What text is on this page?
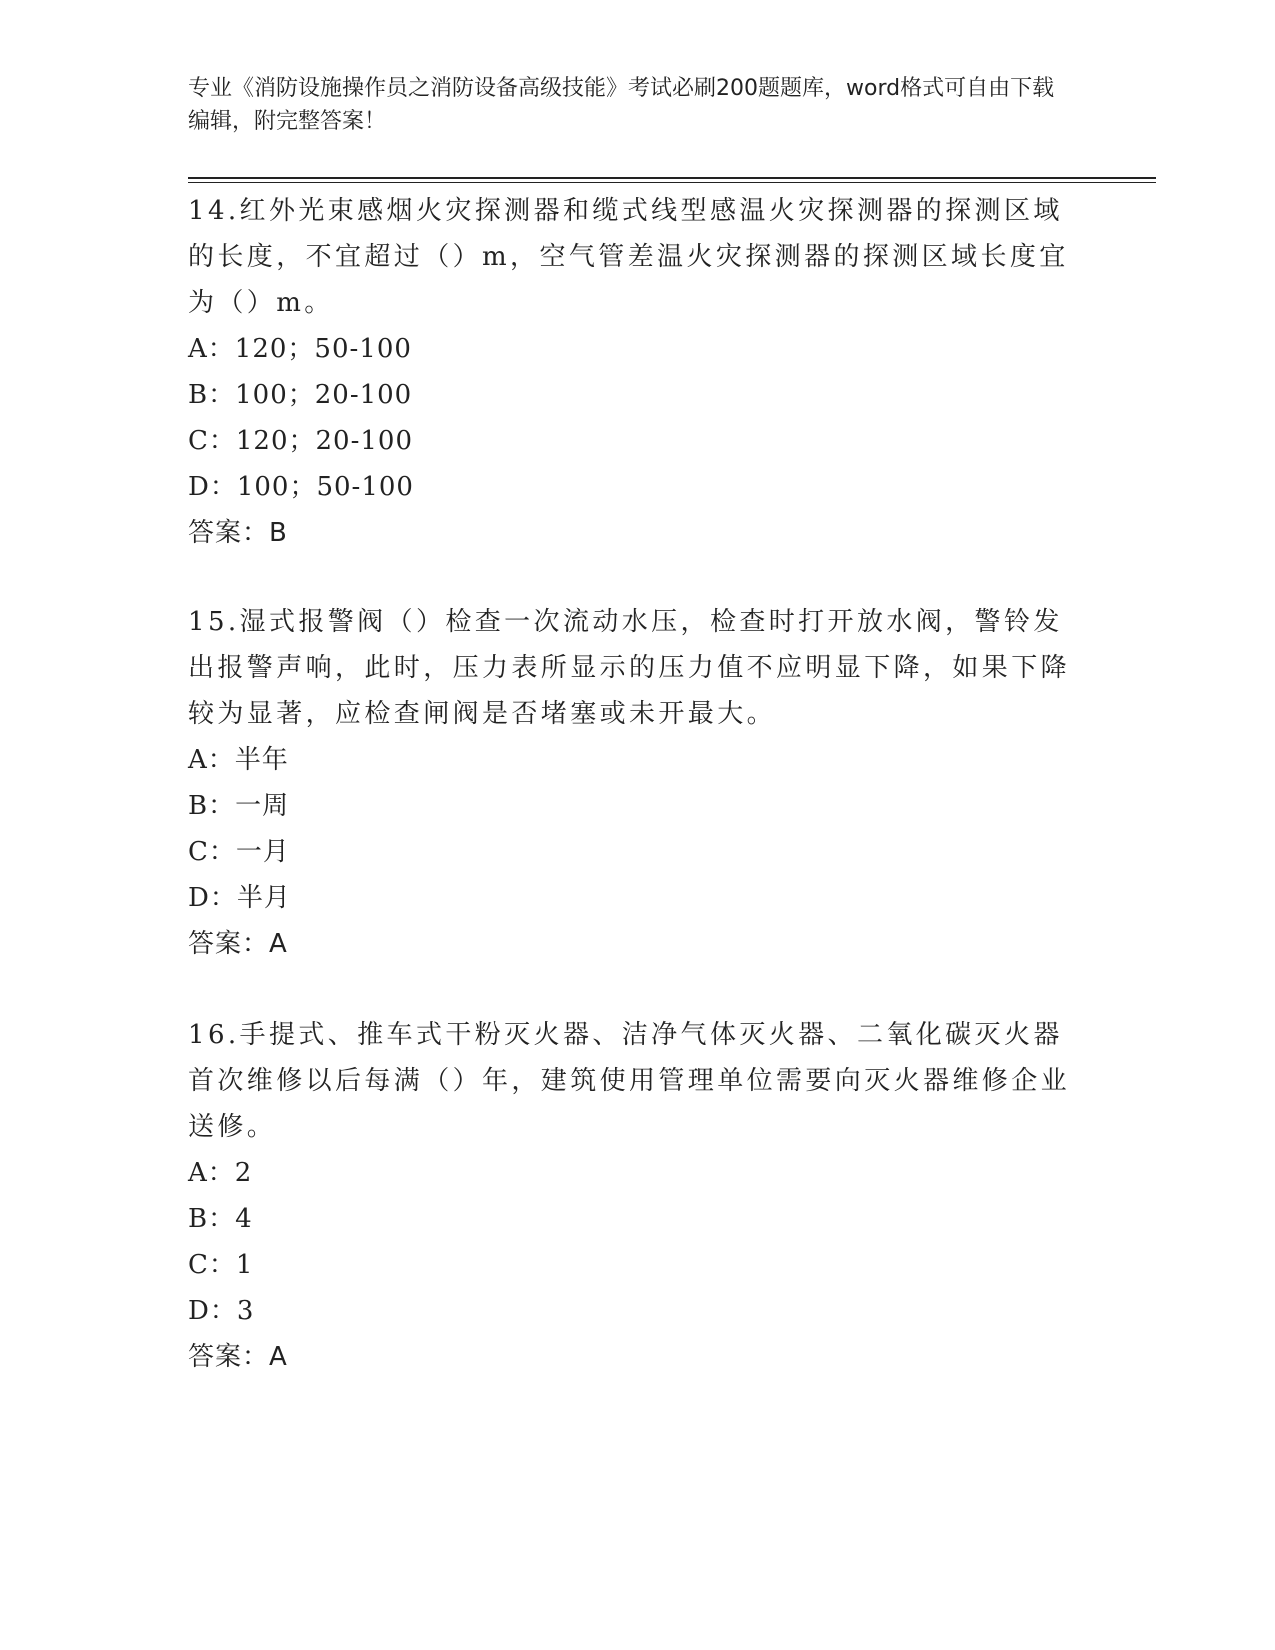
专业《消防设施操作员之消防设备高级技能》考试必刷200题题库，word格式可自由下载编辑，附完整答案！

14.红外光束感烟火灾探测器和缆式线型感温火灾探测器的探测区域的长度，不宜超过（）m，空气管差温火灾探测器的探测区域长度宜为（）m。

A：120；50-100

B：100；20-100

C：120；20-100

D：100；50-100

答案：B

15.湿式报警阀（）检查一次流动水压，检查时打开放水阀，警铃发出报警声响，此时，压力表所显示的压力值不应明显下降，如果下降较为显著，应检查闸阀是否堵塞或未开最大。

A：半年

B：一周

C：一月

D：半月

答案：A

16.手提式、推车式干粉灭火器、洁净气体灭火器、二氧化碳灭火器首次维修以后每满（）年，建筑使用管理单位需要向灭火器维修企业送修。

A：2

B：4

C：1

D：3

答案：A
